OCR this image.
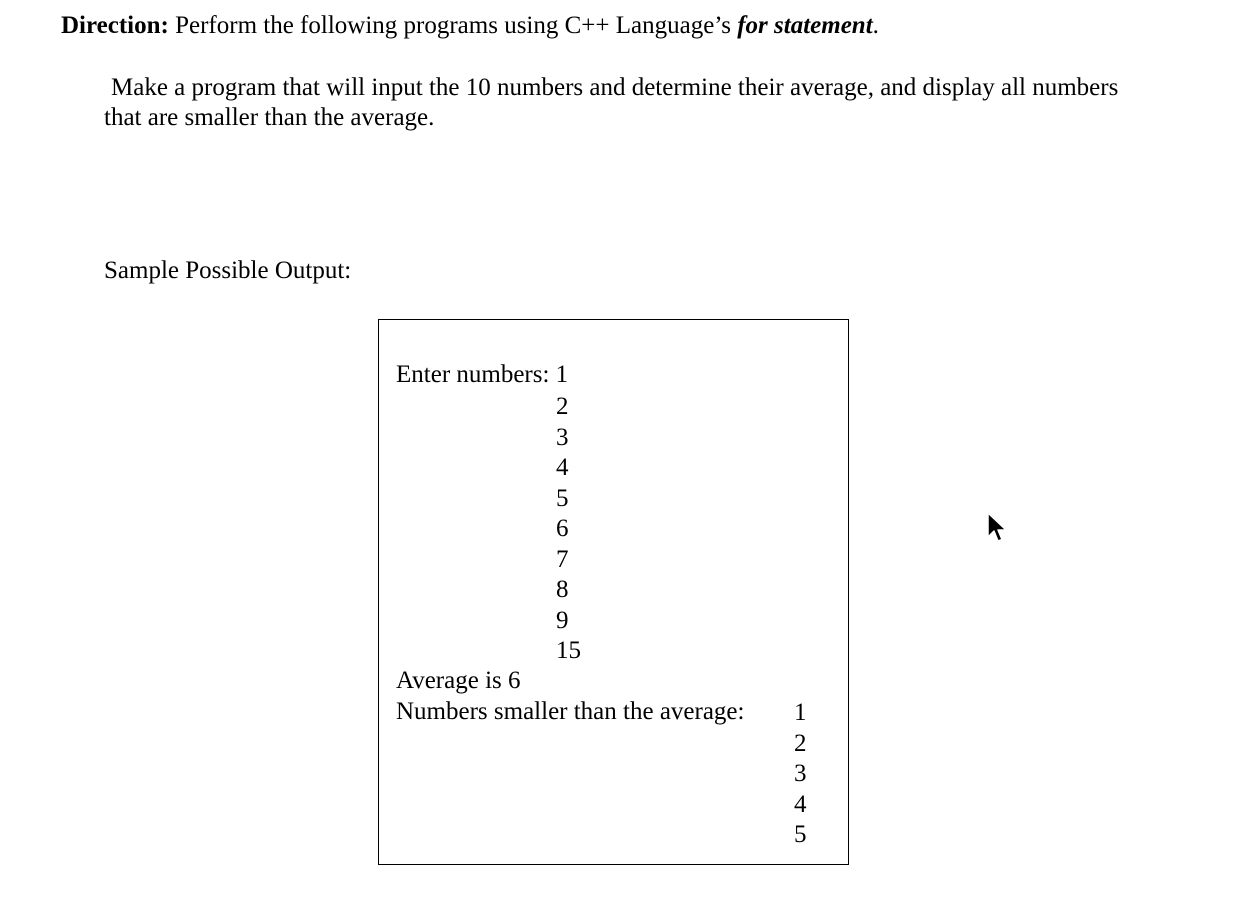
Direction: Perform the following programs using C++ Language’s for statement.

Make a program that will input the 10 numbers and determine their average, and display all numbers that are smaller than the average.

Sample Possible Output:
Enter numbers: 1
2
3
4
5
6
7
8
9
15
Average is 6
Numbers smaller than the average: 1
2
3
4
5
